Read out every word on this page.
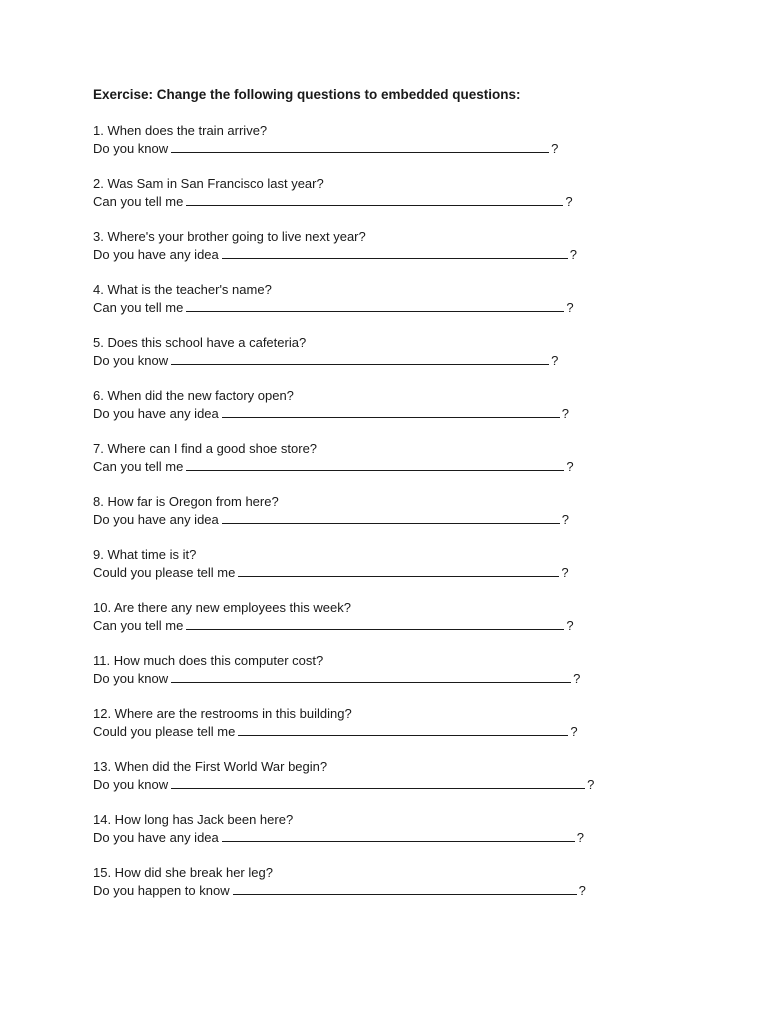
Exercise: Change the following questions to embedded questions:
1. When does the train arrive?
Do you know	?
2. Was Sam in San Francisco last year?
Can you tell me	?
3. Where's your brother going to live next year?
Do you have any idea	?
4. What is the teacher's name?
Can you tell me	?
5. Does this school have a cafeteria?
Do you know	?
6. When did the new factory open?
Do you have any idea	?
7. Where can I find a good shoe store?
Can you tell me	?
8. How far is Oregon from here?
Do you have any idea	?
9. What time is it?
Could you please tell me	?
10. Are there any new employees this week?
Can you tell me	?
11. How much does this computer cost?
Do you know	?
12. Where are the restrooms in this building?
Could you please tell me	?
13. When did the First World War begin?
Do you know	?
14. How long has Jack been here?
Do you have any idea	?
15. How did she break her leg?
Do you happen to know	?
